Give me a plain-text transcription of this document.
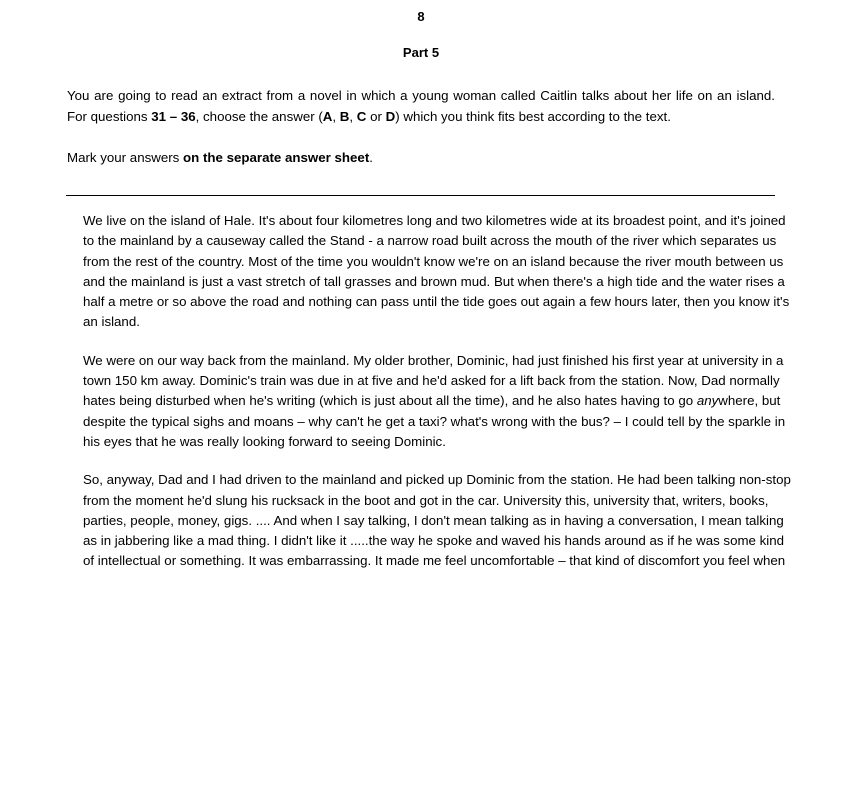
8
Part 5

You are going to read an extract from a novel in which a young woman called Caitlin talks about her life on an island. For questions 31 – 36, choose the answer (A, B, C or D) which you think fits best according to the text.

Mark your answers on the separate answer sheet.

We live on the island of Hale. It's about four kilometres long and two kilometres wide at its broadest point, and it's joined to the mainland by a causeway called the Stand - a narrow road built across the mouth of the river which separates us from the rest of the country. Most of the time you wouldn't know we're on an island because the river mouth between us and the mainland is just a vast stretch of tall grasses and brown mud. But when there's a high tide and the water rises a half a metre or so above the road and nothing can pass until the tide goes out again a few hours later, then you know it's an island.

We were on our way back from the mainland. My older brother, Dominic, had just finished his first year at university in a town 150 km away. Dominic's train was due in at five and he'd asked for a lift back from the station. Now, Dad normally hates being disturbed when he's writing (which is just about all the time), and he also hates having to go anywhere, but despite the typical sighs and moans – why can't he get a taxi? what's wrong with the bus? – I could tell by the sparkle in his eyes that he was really looking forward to seeing Dominic.

So, anyway, Dad and I had driven to the mainland and picked up Dominic from the station. He had been talking non-stop from the moment he'd slung his rucksack in the boot and got in the car. University this, university that, writers, books, parties, people, money, gigs. .... And when I say talking, I don't mean talking as in having a conversation, I mean talking as in jabbering like a mad thing. I didn't like it .....the way he spoke and waved his hands around as if he was some kind of intellectual or something. It was embarrassing. It made me feel uncomfortable – that kind of discomfort you feel when
